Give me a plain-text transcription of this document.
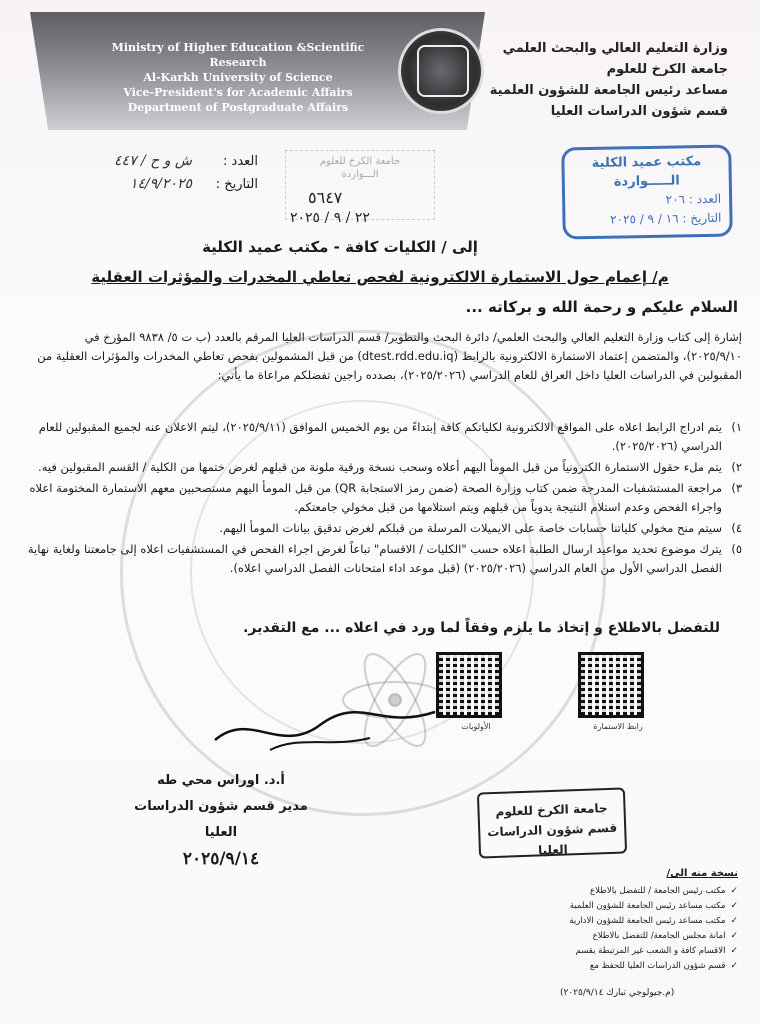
Ministry of Higher Education &Scientific Research
Al-Karkh University of Science
Vice-President's for Academic Affairs
Department of Postgraduate Affairs
وزارة التعليم العالي والبحث العلمي
جامعة الكرخ للعلوم
مساعد رئيس الجامعة للشؤون العلمية
قسم شؤون الدراسات العليا
العدد :ش و ح / ٤٤٧
التاريخ :١٤/٩/٢٠٢٥
جامعة الكرخ للعلوم
الـــواردة
٥٦٤٧
٢٢ / ٩ / ٢٠٢٥
مكتب عميد الكلية
الـــــواردة
العدد : ٢٠٦
التاريخ : ١٦ / ٩ / ٢٠٢٥
إلى / الكليات كافة - مكتب عميد الكلية
م/ إعمام حول الاستمارة الالكترونية لفحص تعاطي المخدرات والمؤثرات العقلية
السلام عليكم و رحمة الله و بركاته ...
إشارة إلى كتاب وزارة التعليم العالي والبحث العلمي/ دائرة البحث والتطوير/ قسم الدراسات العليا المرقم بالعدد (ب ت ٥/ ٩٨٣٨ المؤرخ في ٢٠٢٥/٩/١٠)، والمتضمن إعتماد الاستمارة الالكترونية بالرابط (dtest.rdd.edu.iq) من قبل المشمولين بفحص تعاطي المخدرات والمؤثرات العقلية من المقبولين في الدراسات العليا داخل العراق للعام الدراسي (٢٠٢٥/٢٠٢٦)، بصدده راجين تفضلكم مراعاة ما يأتي:
١)
يتم ادراج الرابط اعلاه على المواقع الالكترونية لكلياتكم كافة إبتداءً من يوم الخميس الموافق (٢٠٢٥/٩/١١)، ليتم الاعلان عنه لجميع المقبولين للعام الدراسي (٢٠٢٥/٢٠٢٦).
٢)
يتم ملء حقول الاستمارة الكترونياً من قبل المومأ اليهم أعلاه وسحب نسخة ورقية ملونة من قبلهم لغرض ختمها من الكلية / القسم المقبولين فيه.
٣)
مراجعة المستشفيات المدرجة ضمن كتاب وزارة الصحة (ضمن رمز الاستجابة QR) من قبل المومأ اليهم مستصحبين معهم الاستمارة المختومة اعلاه واجراء الفحص وعدم استلام النتيجة يدوياً من قبلهم ويتم استلامها من قبل مخولي جامعتكم.
٤)
سيتم منح مخولي كلياتنا حسابات خاصة على الايميلات المرسلة من قبلكم لغرض تدقيق بيانات المومأ اليهم.
٥)
يترك موضوع تحديد مواعيد ارسال الطلبة اعلاه حسب "الكليات / الاقسام" تباعاً لغرض اجراء الفحص في المستشفيات اعلاه إلى جامعتنا ولغاية نهاية الفصل الدراسي الأول من العام الدراسي (٢٠٢٥/٢٠٢٦) (قبل موعد اداء امتحانات الفصل الدراسي اعلاه).
للتفضل بالاطلاع و إتخاذ ما يلزم وفقاً لما ورد في اعلاه ... مع التقدير.
رابط الاستمارة
الأولويات
أ.د. اوراس محي طه
مدير قسم شؤون الدراسات العليا
٢٠٢٥/٩/١٤
جامعة الكرخ للعلوم
قسم شؤون الدراسات العليا
نسخة منه الى/
✓
مكتب رئيس الجامعة / للتفضل بالاطلاع
✓
مكتب مساعد رئيس الجامعة للشؤون العلمية
✓
مكتب مساعد رئيس الجامعة للشؤون الادارية
✓
امانة مجلس الجامعة/ للتفضل بالاطلاع
✓
الاقسام كافة و الشعب غير المرتبطة بقسم
✓
قسم شؤون الدراسات العليا للحفظ مع
(م.جيولوجي تبارك ٢٠٢٥/٩/١٤)
